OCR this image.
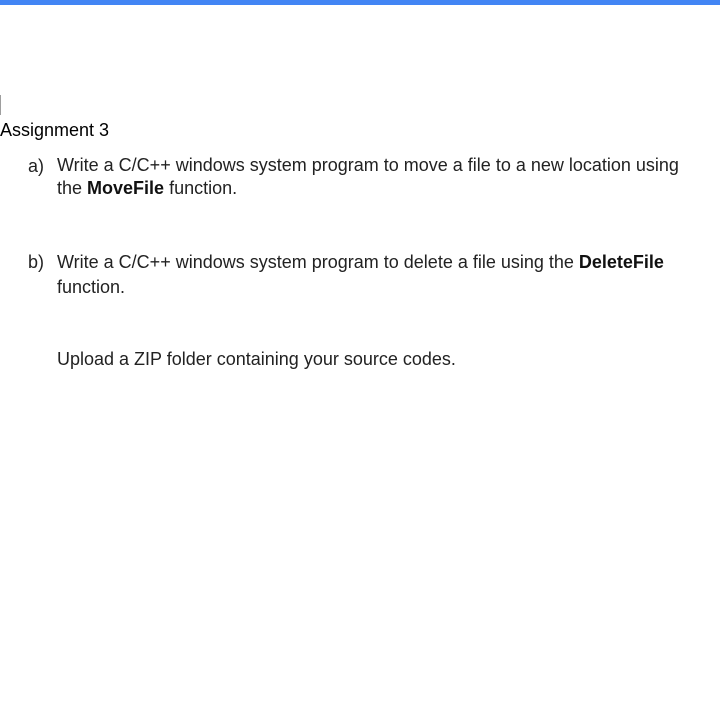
Assignment 3
a) Write a C/C++ windows system program to move a file to a new location using
the MoveFile function.
b) Write a C/C++ windows system program to delete a file using the DeleteFile
function.
Upload a ZIP folder containing your source codes.
